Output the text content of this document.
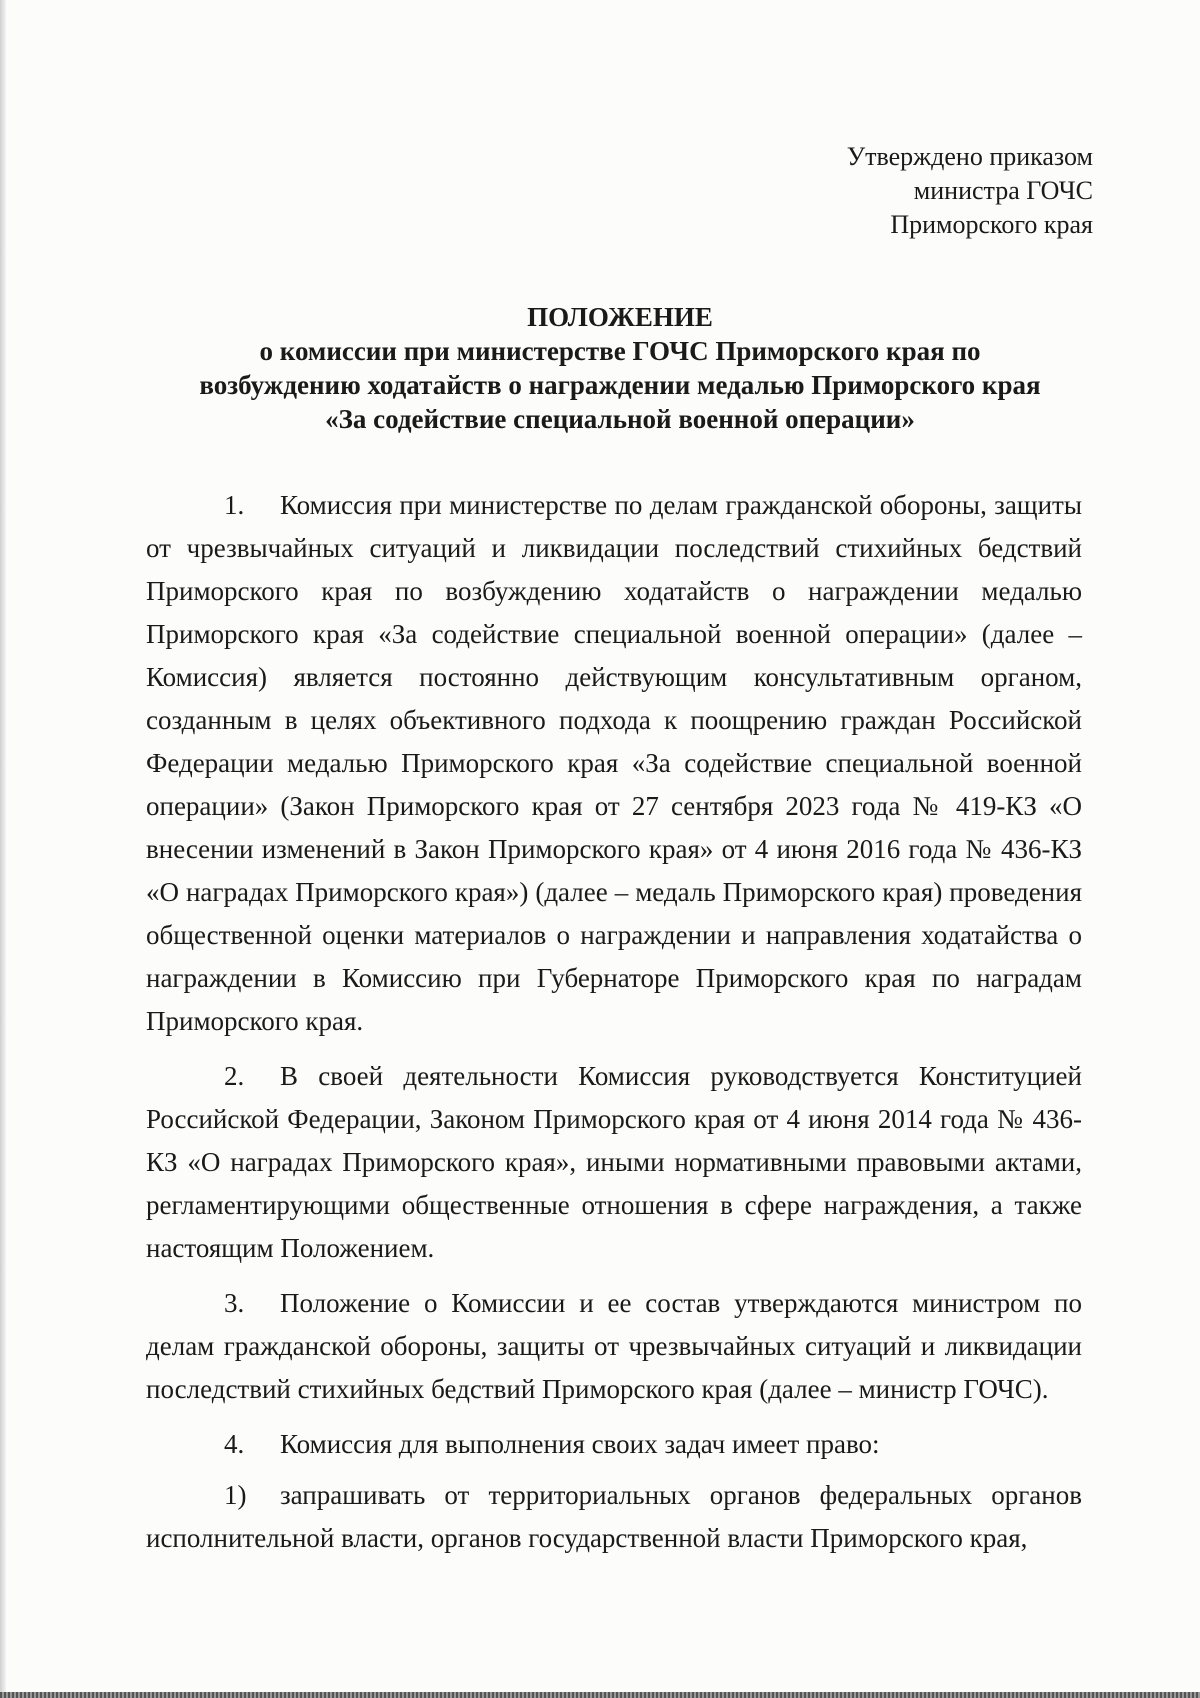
Утверждено приказом
министра ГОЧС
Приморского края
ПОЛОЖЕНИЕ
о комиссии при министерстве ГОЧС Приморского края по
возбуждению ходатайств о награждении медалью Приморского края
«За содействие специальной военной операции»

1. Комиссия при министерстве по делам гражданской обороны, защиты от чрезвычайных ситуаций и ликвидации последствий стихийных бедствий Приморского края по возбуждению ходатайств о награждении медалью Приморского края «За содействие специальной военной операции» (далее – Комиссия) является постоянно действующим консультативным органом, созданным в целях объективного подхода к поощрению граждан Российской Федерации медалью Приморского края «За содействие специальной военной операции» (Закон Приморского края от 27 сентября 2023 года № 419-КЗ «О внесении изменений в Закон Приморского края» от 4 июня 2016 года № 436-КЗ «О наградах Приморского края») (далее – медаль Приморского края) проведения общественной оценки материалов о награждении и направления ходатайства о награждении в Комиссию при Губернаторе Приморского края по наградам Приморского края.

2. В своей деятельности Комиссия руководствуется Конституцией Российской Федерации, Законом Приморского края от 4 июня 2014 года № 436-КЗ «О наградах Приморского края», иными нормативными правовыми актами, регламентирующими общественные отношения в сфере награждения, а также настоящим Положением.

3. Положение о Комиссии и ее состав утверждаются министром по делам гражданской обороны, защиты от чрезвычайных ситуаций и ликвидации последствий стихийных бедствий Приморского края (далее – министр ГОЧС).

4. Комиссия для выполнения своих задач имеет право:

1) запрашивать от территориальных органов федеральных органов исполнительной власти, органов государственной власти Приморского края,
